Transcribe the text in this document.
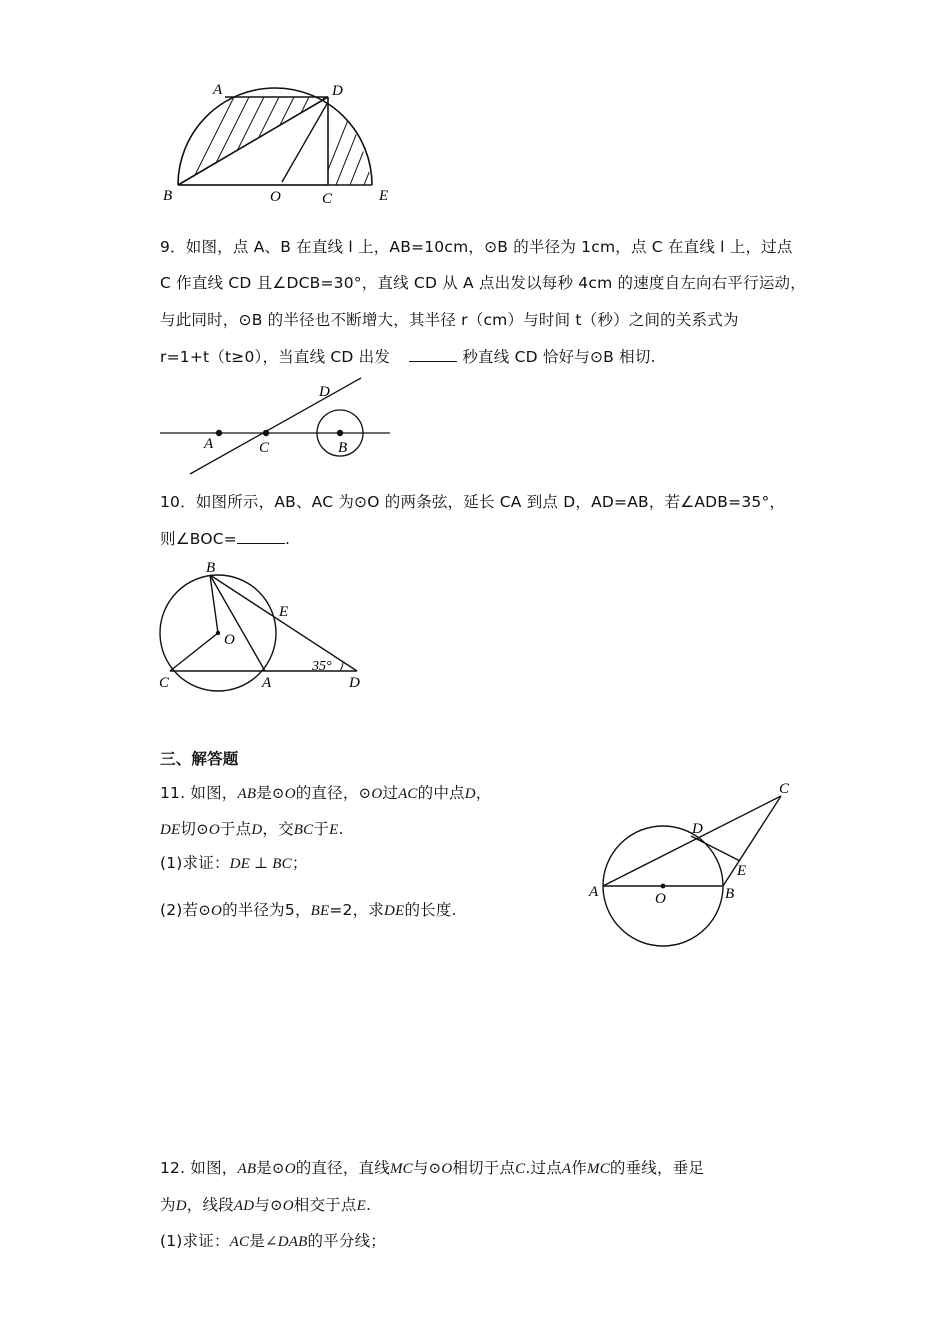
A	D
B	O	C	E
9．如图，点 A、B 在直线 l 上，AB=10cm，⊙B 的半径为 1cm，点 C 在直线 l 上，过点
C 作直线 CD 且∠DCB=30°，直线 CD 从 A 点出发以每秒 4cm 的速度自左向右平行运动，
与此同时，⊙B 的半径也不断增大，其半径 r（cm）与时间 t（秒）之间的关系式为
r=1+t（t≥0），当直线 CD 出发	秒直线 CD 恰好与⊙B 相切.
D
A	C	B
10．如图所示，AB、AC 为⊙O 的两条弦，延长 CA 到点 D，AD=AB，若∠ADB=35°，
则∠BOC=	.
B
E
O
C	A	D
35°
三、解答题
11. 如图，AB是⊙O的直径，⊙O过AC的中点D，
DE切⊙O于点D，交BC于E.
(1)求证：DE ⊥ BC；
(2)若⊙O的半径为5，BE=2，求DE的长度.
C
D
E
A	O	B
12. 如图，AB是⊙O的直径，直线MC与⊙O相切于点C.过点A作MC的垂线，垂足
为D，线段AD与⊙O相交于点E.
(1)求证：AC是∠DAB的平分线；
